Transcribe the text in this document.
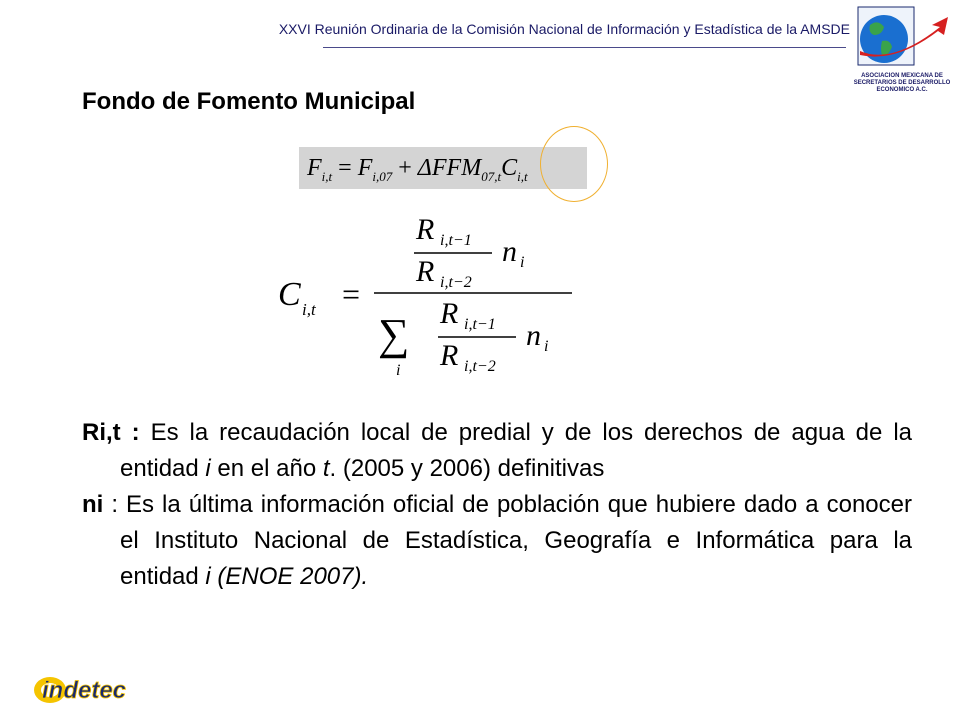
XXVI Reunión Ordinaria de la Comisión Nacional de Información y Estadística de la AMSDE
ASOCIACION MEXICANA DE
SECRETARIOS DE DESARROLLO
ECONOMICO A.C.
Fondo de Fomento Municipal
$F_{i,t} = F_{i,07} + \Delta FFM_{07,t}C_{i,t}$
C i,t =
R i,t−1
R i,t−2
n i
∑
i
R i,t−1
R i,t−2
n i

Ri,t : Es la recaudación local de predial y de los derechos de agua de la entidad i en el año t. (2005 y 2006) definitivas

ni : Es la última información oficial de población que hubiere dado a conocer el Instituto Nacional de Estadística, Geografía e Informática para la entidad i (ENOE 2007).

indetec
